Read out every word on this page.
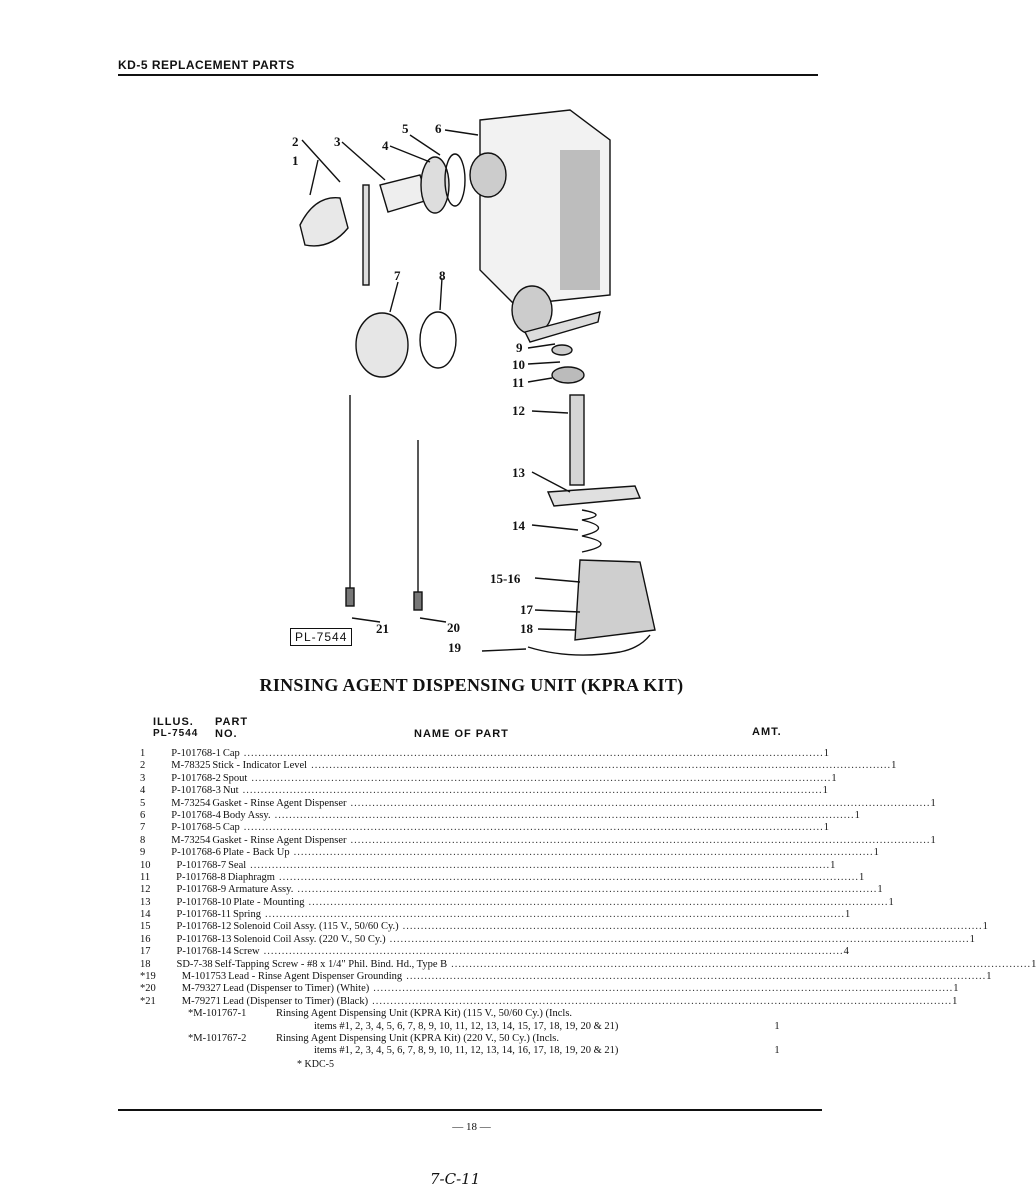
KD-5 REPLACEMENT PARTS
2
1
3	4
5 6
7	8
9
10
11
12
13
14
15-16
17
18
19
20
21
PL-7544
RINSING AGENT DISPENSING UNIT (KPRA KIT)
ILLUS.
PL-7544
PART
NO.	NAME OF PART	AMT.
1	P-101768-1 Cap ................................................................................................................................................................ 1
2	M-78325 Stick - Indicator Level ................................................................................................................................................................ 1
3	P-101768-2 Spout ................................................................................................................................................................ 1
4	P-101768-3 Nut ................................................................................................................................................................ 1
5	M-73254 Gasket - Rinse Agent Dispenser ................................................................................................................................................................ 1
6	P-101768-4 Body Assy. ................................................................................................................................................................ 1
7	P-101768-5 Cap ................................................................................................................................................................ 1
8	M-73254 Gasket - Rinse Agent Dispenser ................................................................................................................................................................ 1
9	P-101768-6 Plate - Back Up ................................................................................................................................................................ 1
10	P-101768-7 Seal ................................................................................................................................................................ 1
11	P-101768-8 Diaphragm ................................................................................................................................................................ 1
12	P-101768-9 Armature Assy. ................................................................................................................................................................ 1
13	P-101768-10 Plate - Mounting ................................................................................................................................................................ 1
14	P-101768-11 Spring ................................................................................................................................................................ 1
15	P-101768-12 Solenoid Coil Assy. (115 V., 50/60 Cy.) ................................................................................................................................................................ 1
16	P-101768-13 Solenoid Coil Assy. (220 V., 50 Cy.) ................................................................................................................................................................ 1
17	P-101768-14 Screw ................................................................................................................................................................ 4
18	SD-7-38 Self-Tapping Screw - #8 x 1/4" Phil. Bind. Hd., Type B ................................................................................................................................................................ 1
*19	M-101753 Lead - Rinse Agent Dispenser Grounding ................................................................................................................................................................ 1
*20	M-79327 Lead (Dispenser to Timer) (White) ................................................................................................................................................................ 1
*21	M-79271 Lead (Dispenser to Timer) (Black) ................................................................................................................................................................ 1
*M-101767-1	Rinsing Agent Dispensing Unit (KPRA Kit) (115 V., 50/60 Cy.) (Incls.
items #1, 2, 3, 4, 5, 6, 7, 8, 9, 10, 11, 12, 13, 14, 15, 17, 18, 19, 20 & 21)	1
*M-101767-2	Rinsing Agent Dispensing Unit (KPRA Kit) (220 V., 50 Cy.) (Incls.
items #1, 2, 3, 4, 5, 6, 7, 8, 9, 10, 11, 12, 13, 14, 16, 17, 18, 19, 20 & 21)	1
* KDC-5
— 18 —
7-C-11
